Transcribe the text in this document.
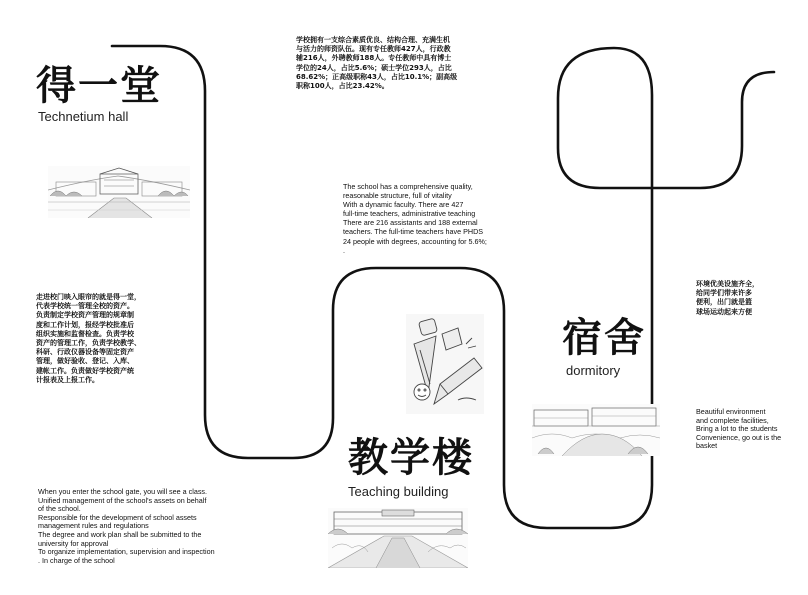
得一堂
Technetium hall
走进校门映入眼帘的就是得一堂，
代表学校统一管理全校的资产。
负责制定学校资产管理的规章制
度和工作计划，报经学校批准后
组织实施和监督检查。负责学校
资产的管理工作，负责学校教学、
科研、行政仪器设备等固定资产
管理，做好验收、登记、入库、
建帐工作。负责做好学校资产统
计报表及上报工作。
When you enter the school gate, you will see a class.
Unified management of the school's assets on behalf
of the school.
Responsible for the development of school assets
management rules and regulations
The degree and work plan shall be submitted to the
university for approval
To organize implementation, supervision and inspection
. In charge of the school
学校拥有一支综合素质优良、结构合理、充满生机
与活力的师资队伍。现有专任教师427人，行政教
辅216人，外聘教师188人。专任教师中具有博士
学位的24人，占比5.6%；硕士学位293人，占比
68.62%；正高级职称43人，占比10.1%；副高级
职称100人，占比23.42%。
The school has a comprehensive quality,
reasonable structure, full of vitality
With a dynamic faculty. There are 427
full-time teachers, administrative teaching
There are 216 assistants and 188 external
teachers. The full-time teachers have PHDS
24 people with degrees, accounting for 5.6%;
.
教学楼
Teaching building
环境优美设施齐全，
给同学们带来许多
便利，出门就是篮
球场运动起来方便
宿舍
dormitory
Beautiful environment
and complete facilities,
Bring a lot to the students
Convenience, go out is the
basket
